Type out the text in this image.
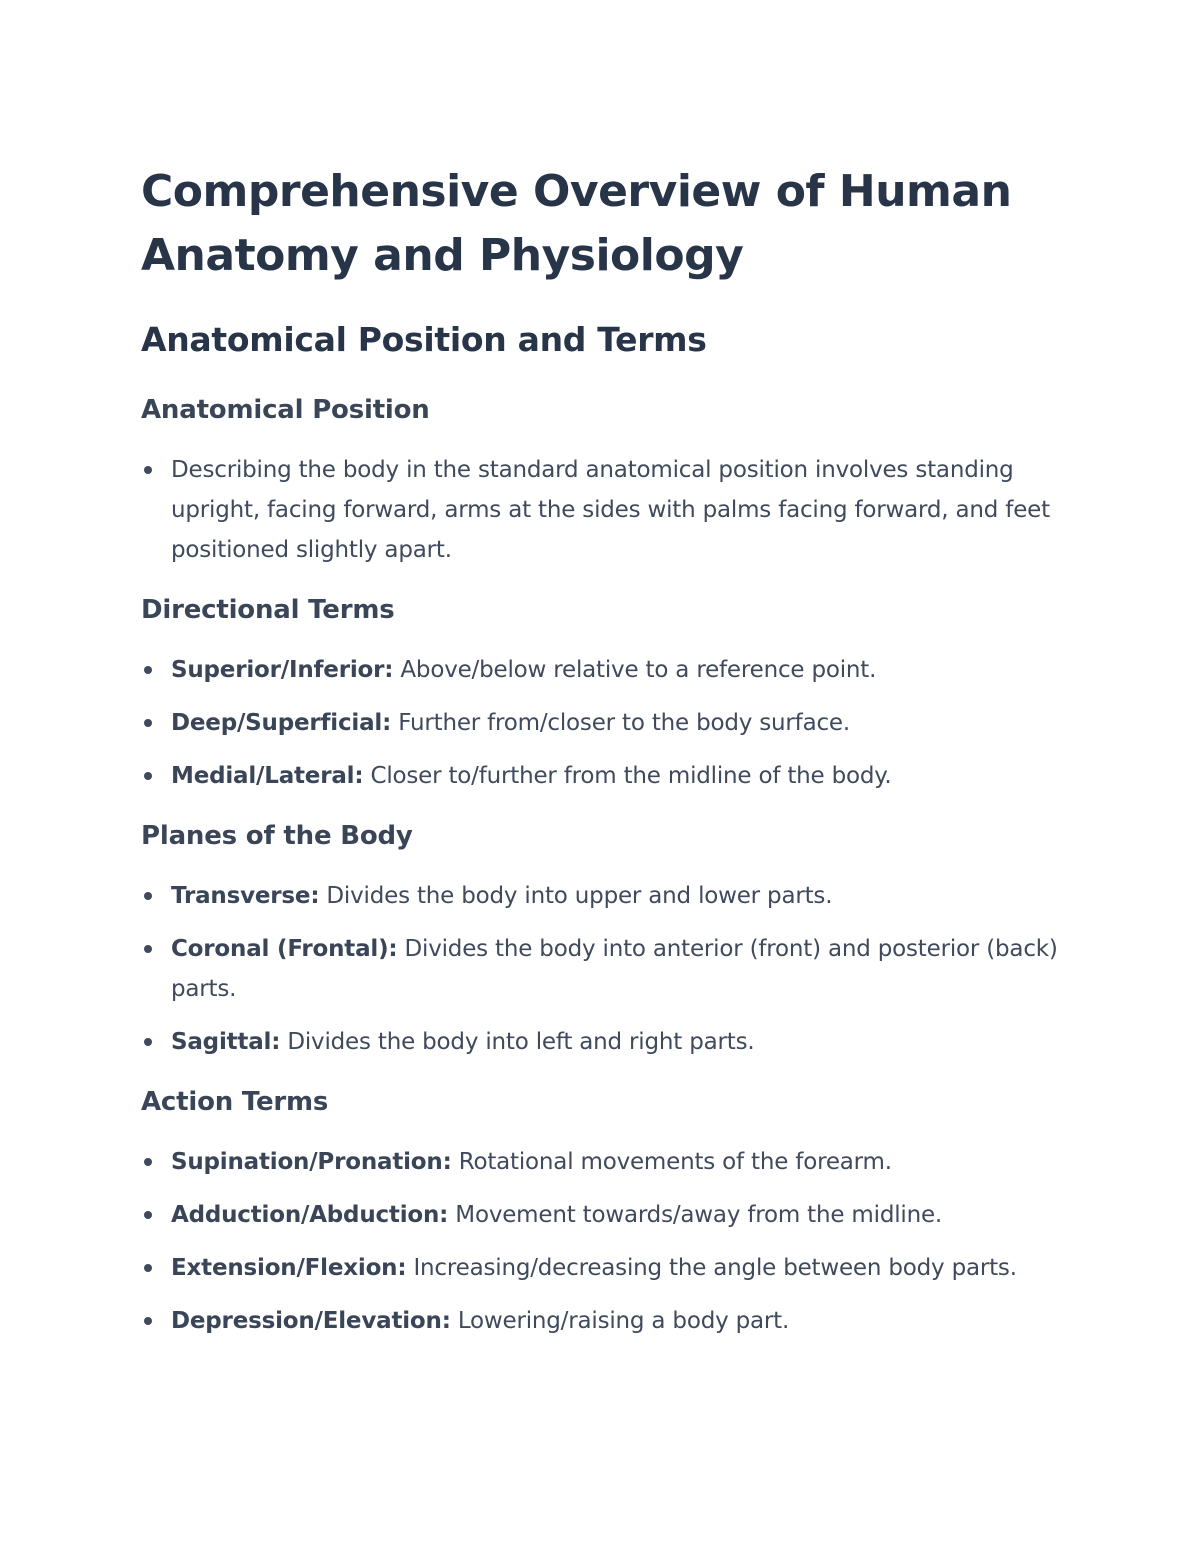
Comprehensive Overview of Human Anatomy and Physiology
Anatomical Position and Terms
Anatomical Position
Describing the body in the standard anatomical position involves standing upright, facing forward, arms at the sides with palms facing forward, and feet positioned slightly apart.
Directional Terms
Superior/Inferior: Above/below relative to a reference point.
Deep/Superficial: Further from/closer to the body surface.
Medial/Lateral: Closer to/further from the midline of the body.
Planes of the Body
Transverse: Divides the body into upper and lower parts.
Coronal (Frontal): Divides the body into anterior (front) and posterior (back) parts.
Sagittal: Divides the body into left and right parts.
Action Terms
Supination/Pronation: Rotational movements of the forearm.
Adduction/Abduction: Movement towards/away from the midline.
Extension/Flexion: Increasing/decreasing the angle between body parts.
Depression/Elevation: Lowering/raising a body part.
